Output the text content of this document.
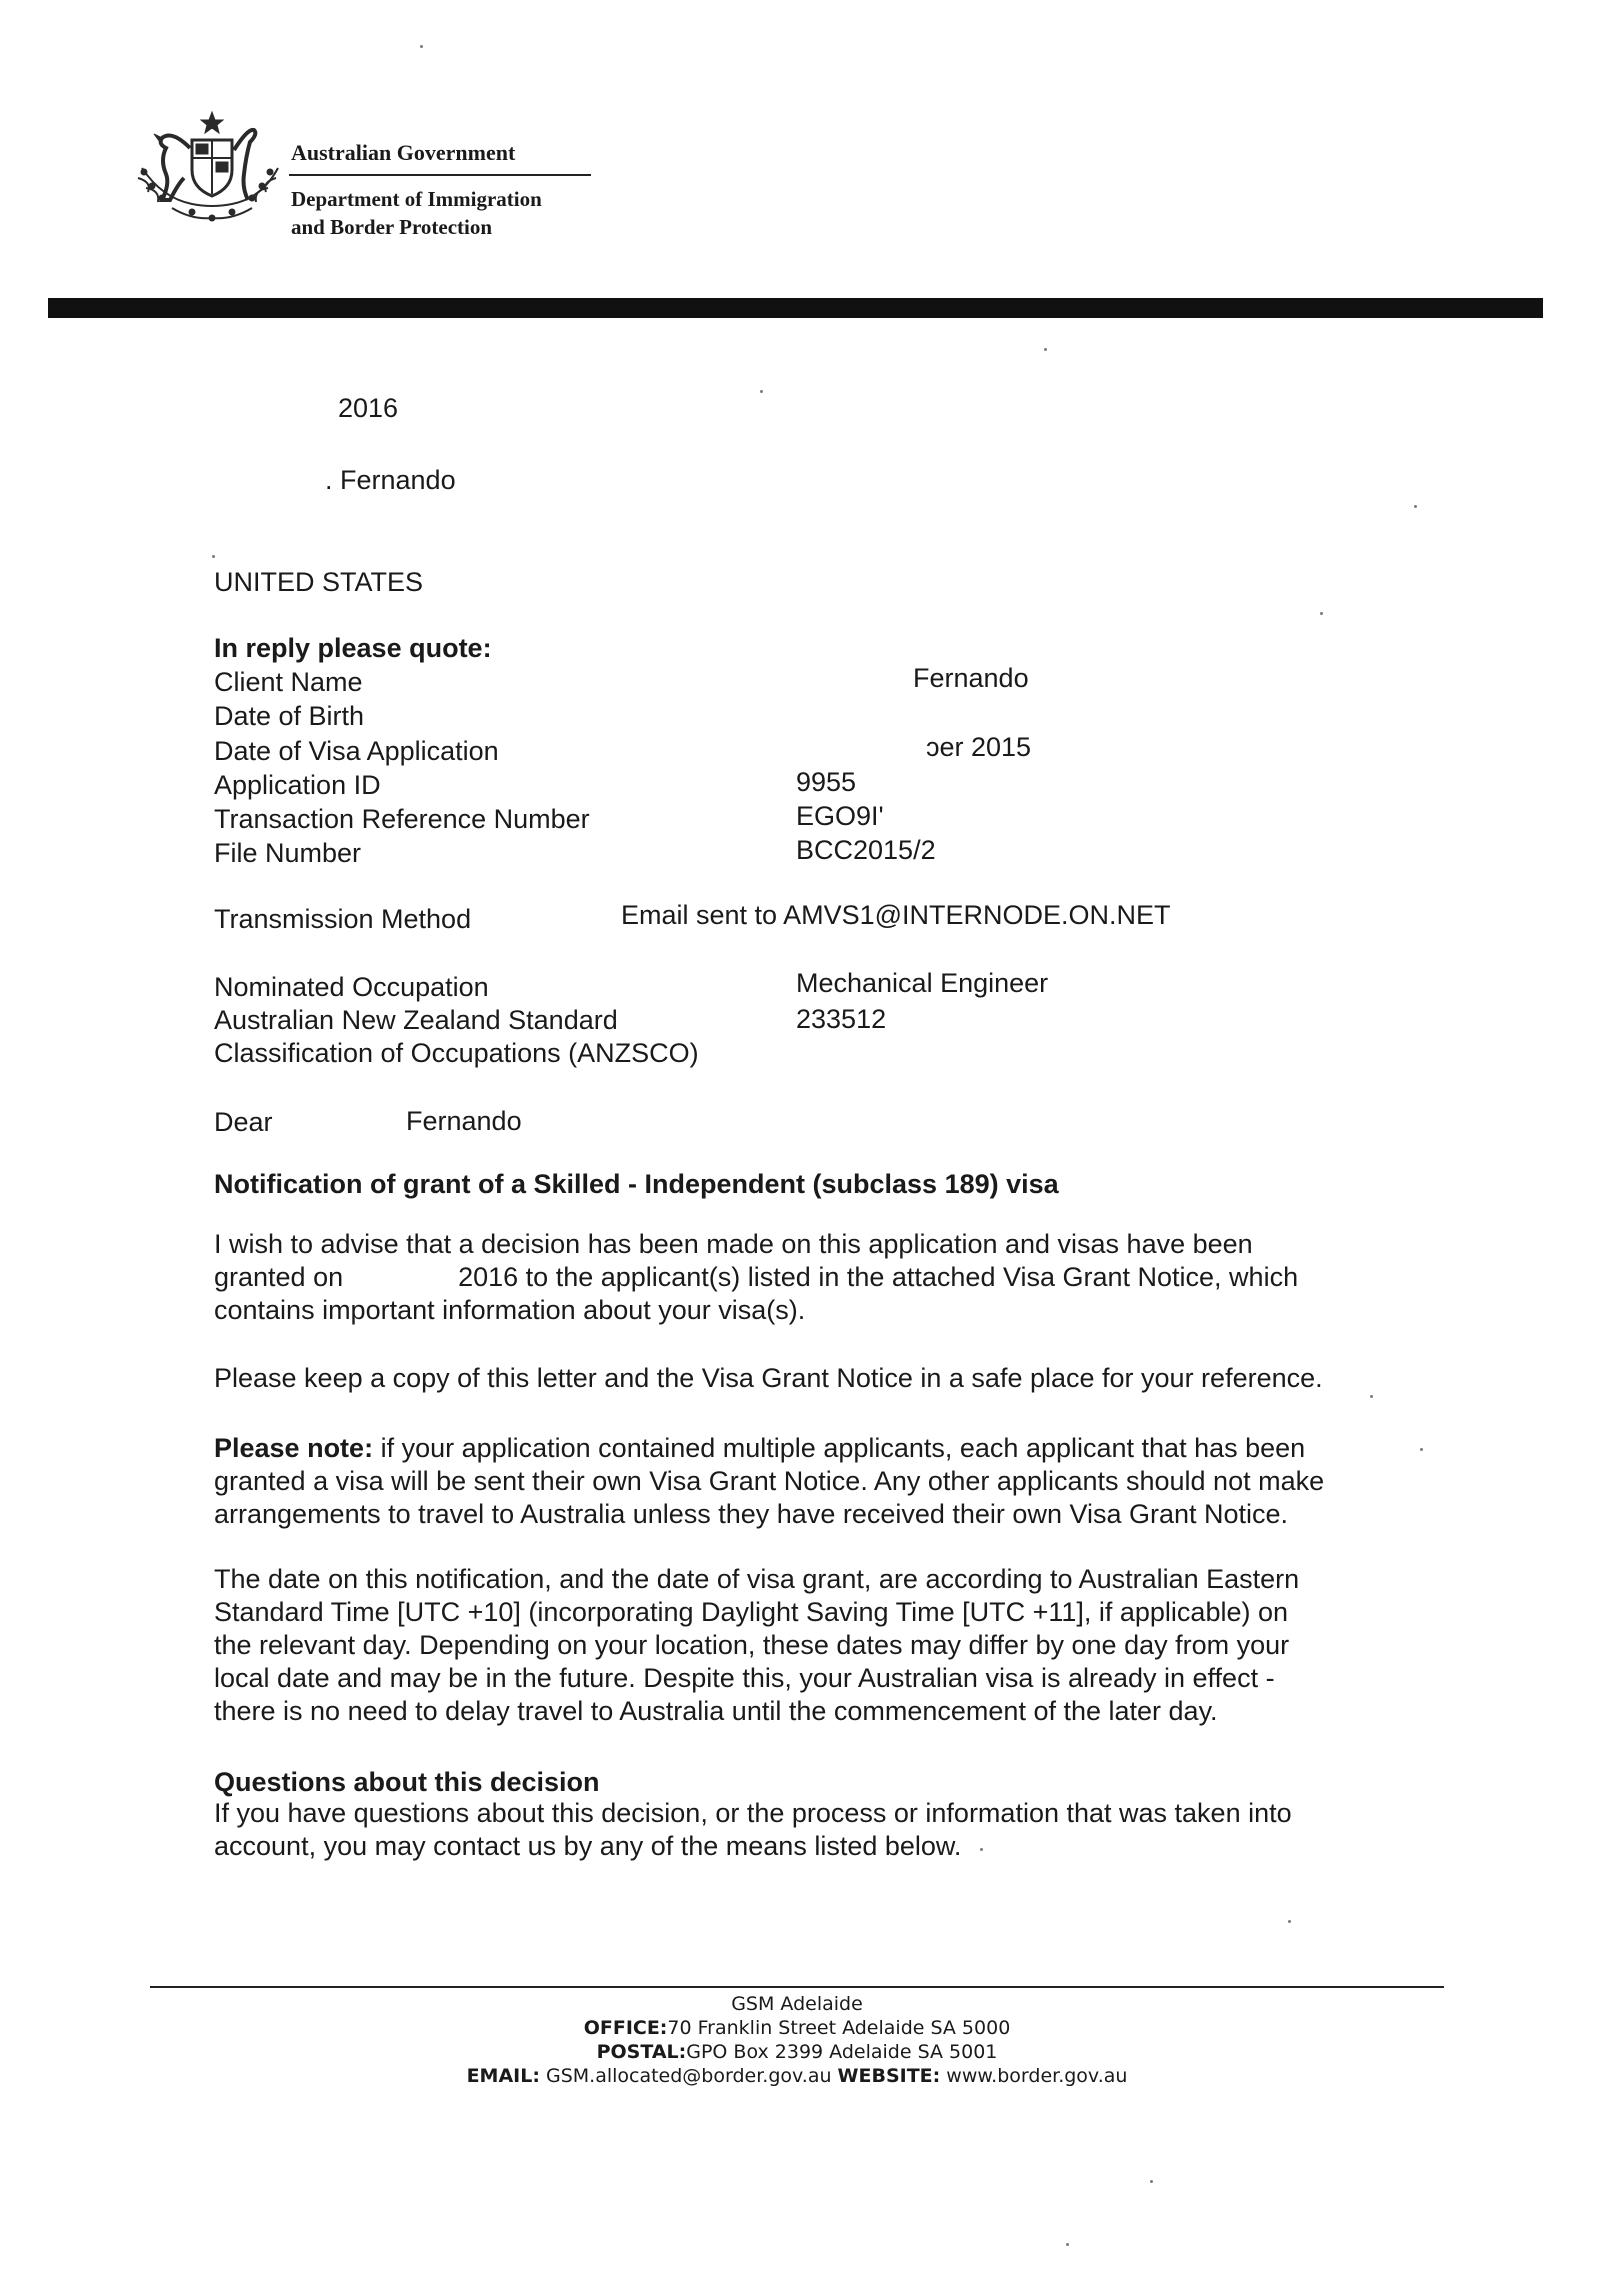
Australian Government
Department of Immigration
and Border Protection
2016
. Fernando
UNITED STATES
In reply please quote:
Client Name	Fernando
Date of Birth
Date of Visa Application	ɔer 2015
Application ID	9955
Transaction Reference Number	EGO9I'
File Number	BCC2015/2
Transmission Method	Email sent to AMVS1@INTERNODE.ON.NET
Nominated Occupation	Mechanical Engineer
Australian New Zealand Standard	233512
Classification of Occupations (ANZSCO)
Dear	Fernando
Notification of grant of a Skilled - Independent (subclass 189) visa

I wish to advise that a decision has been made on this application and visas have been

granted on	2016 to the applicant(s) listed in the attached Visa Grant Notice, which

contains important information about your visa(s).

Please keep a copy of this letter and the Visa Grant Notice in a safe place for your reference.

Please note: if your application contained multiple applicants, each applicant that has been

granted a visa will be sent their own Visa Grant Notice. Any other applicants should not make

arrangements to travel to Australia unless they have received their own Visa Grant Notice.

The date on this notification, and the date of visa grant, are according to Australian Eastern

Standard Time [UTC +10] (incorporating Daylight Saving Time [UTC +11], if applicable) on

the relevant day. Depending on your location, these dates may differ by one day from your

local date and may be in the future. Despite this, your Australian visa is already in effect -

there is no need to delay travel to Australia until the commencement of the later day.

Questions about this decision

If you have questions about this decision, or the process or information that was taken into

account, you may contact us by any of the means listed below.

GSM Adelaide
OFFICE:70 Franklin Street Adelaide SA 5000
POSTAL:GPO Box 2399 Adelaide SA 5001
EMAIL: GSM.allocated@border.gov.au WEBSITE: www.border.gov.au
